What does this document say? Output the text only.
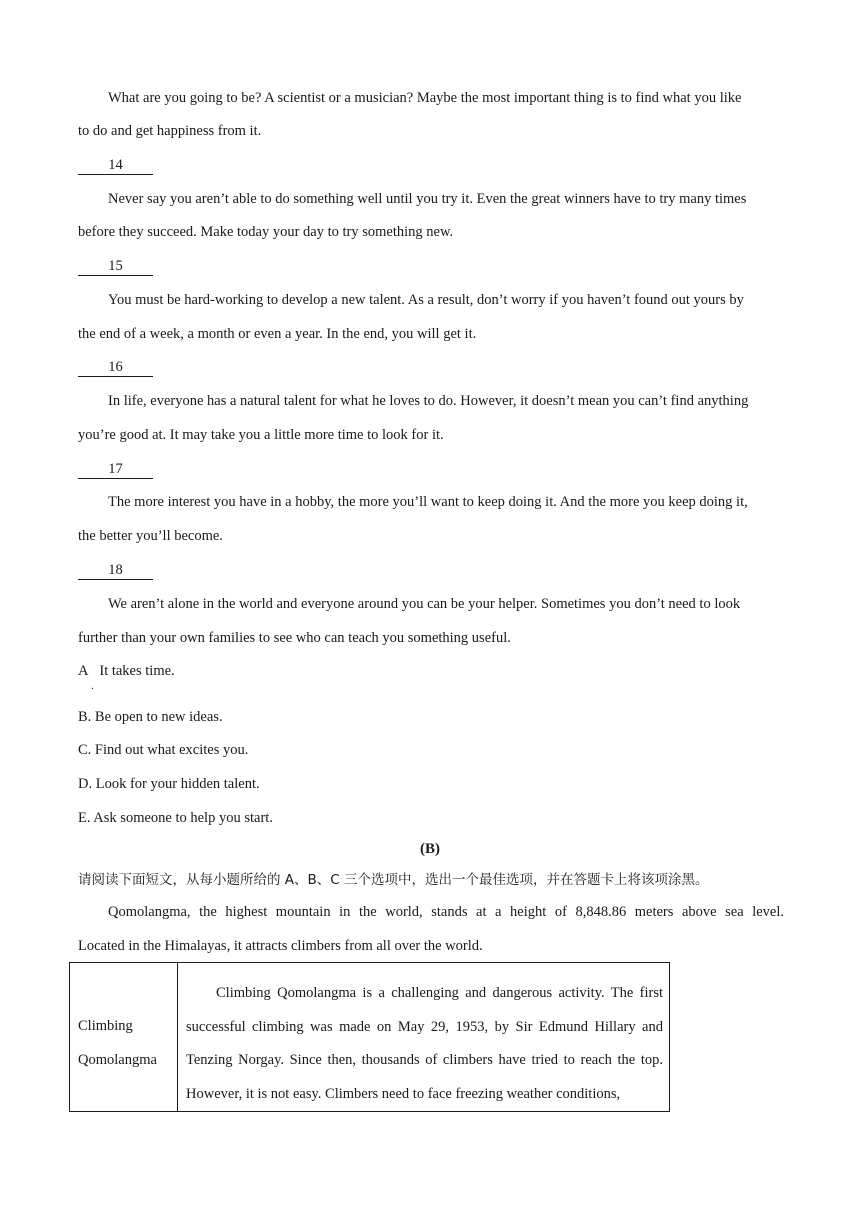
What are you going to be? A scientist or a musician? Maybe the most important thing is to find what you like
to do and get happiness from it.
14
Never say you aren’t able to do something well until you try it. Even the great winners have to try many times
before they succeed. Make today your day to try something new.
15
You must be hard-working to develop a new talent. As a result, don’t worry if you haven’t found out yours by
the end of a week, a month or even a year. In the end, you will get it.
16
In life, everyone has a natural talent for what he loves to do. However, it doesn’t mean you can’t find anything
you’re good at. It may take you a little more time to look for it.
17
The more interest you have in a hobby, the more you’ll want to keep doing it. And the more you keep doing it,
the better you’ll become.
18
We aren’t alone in the world and everyone around you can be your helper. Sometimes you don’t need to look
further than your own families to see who can teach you something useful.
A It takes time.
．
B. Be open to new ideas.
C. Find out what excites you.
D. Look for your hidden talent.
E. Ask someone to help you start.
(B)
请阅读下面短文，从每小题所给的 A、B、C 三个选项中，选出一个最佳选项，并在答题卡上将该项涂黑。
Qomolangma, the highest mountain in the world, stands at a height of 8,848.86 meters above sea level.
Located in the Himalayas, it attracts climbers from all over the world.
Climbing Qomolangma

Climbing Qomolangma is a challenging and dangerous activity. The first successful climbing was made on May 29, 1953, by Sir Edmund Hillary and Tenzing Norgay. Since then, thousands of climbers have tried to reach the top. However, it is not easy. Climbers need to face freezing weather conditions,
